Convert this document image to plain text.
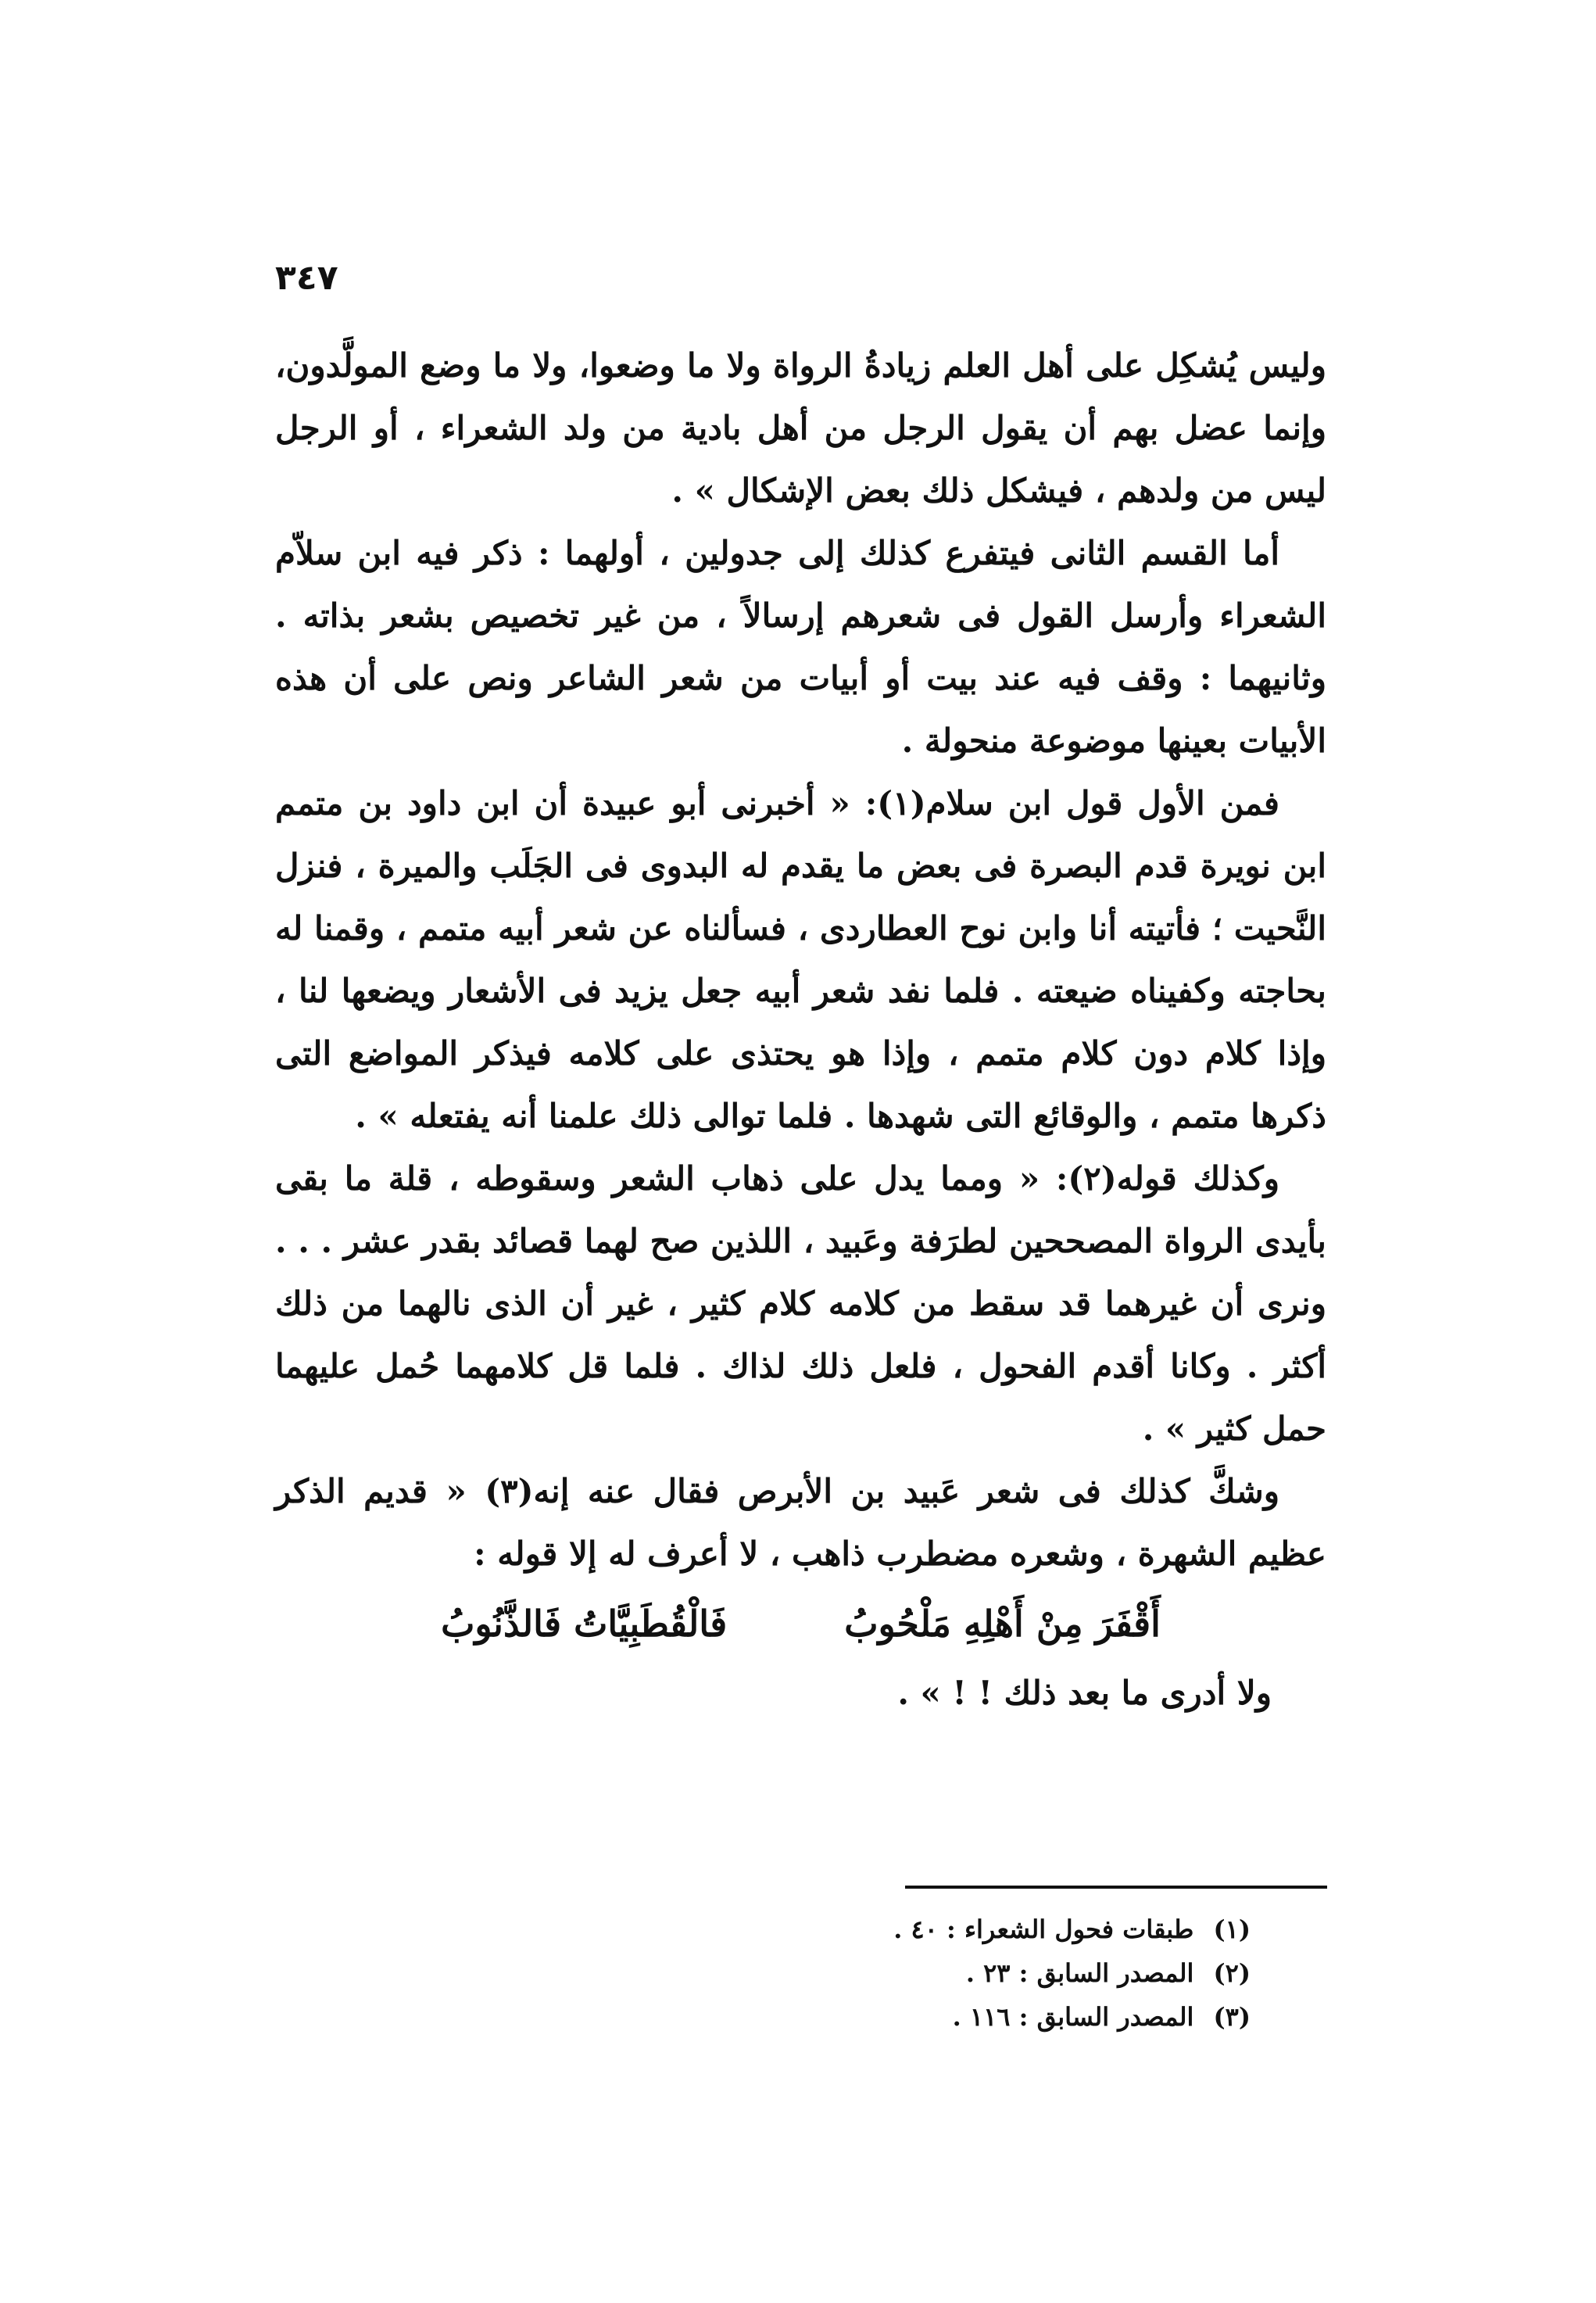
٣٤٧

وليس يُشكِل على أهل العلم زيادةُ الرواة ولا ما وضعوا، ولا ما وضع المولَّدون، وإنما عضل بهم أن يقول الرجل من أهل بادية من ولد الشعراء ، أو الرجل ليس من ولدهم ، فيشكل ذلك بعض الإشكال » .

أما القسم الثانى فيتفرع كذلك إلى جدولين ، أولهما : ذكر فيه ابن سلاّم الشعراء وأرسل القول فى شعرهم إرسالاً ، من غير تخصيص بشعر بذاته . وثانيهما : وقف فيه عند بيت أو أبيات من شعر الشاعر ونص على أن هذه الأبيات بعينها موضوعة منحولة .

فمن الأول قول ابن سلام(١): « أخبرنى أبو عبيدة أن ابن داود بن متمم ابن نويرة قدم البصرة فى بعض ما يقدم له البدوى فى الجَلَب والميرة ، فنزل النَّحيت ؛ فأتيته أنا وابن نوح العطاردى ، فسألناه عن شعر أبيه متمم ، وقمنا له بحاجته وكفيناه ضيعته . فلما نفد شعر أبيه جعل يزيد فى الأشعار ويضعها لنا ، وإذا كلام دون كلام متمم ، وإذا هو يحتذى على كلامه فيذكر المواضع التى ذكرها متمم ، والوقائع التى شهدها . فلما توالى ذلك علمنا أنه يفتعله » .

وكذلك قوله(٢): « ومما يدل على ذهاب الشعر وسقوطه ، قلة ما بقى بأيدى الرواة المصححين لطرَفة وعَبيد ، اللذين صح لهما قصائد بقدر عشر . . . ونرى أن غيرهما قد سقط من كلامه كلام كثير ، غير أن الذى نالهما من ذلك أكثر . وكانا أقدم الفحول ، فلعل ذلك لذاك . فلما قل كلامهما حُمل عليهما حمل كثير » .

وشكَّ كذلك فى شعر عَبيد بن الأبرص فقال عنه إنه(٣) « قديم الذكر عظيم الشهرة ، وشعره مضطرب ذاهب ، لا أعرف له إلا قوله :

أَقْفَرَ مِنْ أَهْلِهِ مَلْحُوبُ
فَالْقُطَبِيَّاتُ فَالذَّنُوبُ
ولا أدرى ما بعد ذلك ! ! » .
(١) طبقات فحول الشعراء : ٤٠ .
(٢) المصدر السابق : ٢٣ .
(٣) المصدر السابق : ١١٦ .
